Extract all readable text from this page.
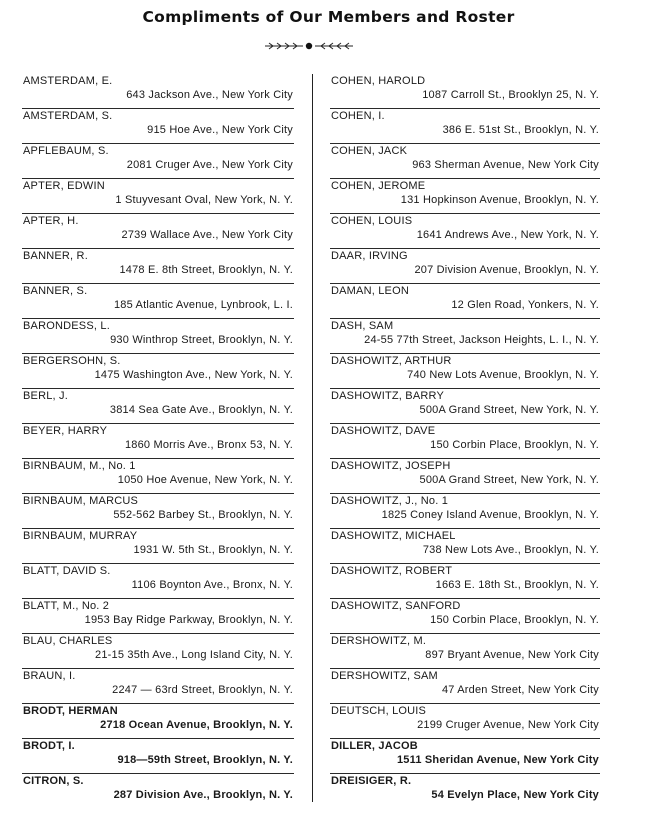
Compliments of Our Members and Roster
AMSTERDAM, E.
643 Jackson Ave., New York City
AMSTERDAM, S.
915 Hoe Ave., New York City
APFLEBAUM, S.
2081 Cruger Ave., New York City
APTER, EDWIN
1 Stuyvesant Oval, New York, N. Y.
APTER, H.
2739 Wallace Ave., New York City
BANNER, R.
1478 E. 8th Street, Brooklyn, N. Y.
BANNER, S.
185 Atlantic Avenue, Lynbrook, L. I.
BARONDESS, L.
930 Winthrop Street, Brooklyn, N. Y.
BERGERSOHN, S.
1475 Washington Ave., New York, N. Y.
BERL, J.
3814 Sea Gate Ave., Brooklyn, N. Y.
BEYER, HARRY
1860 Morris Ave., Bronx 53, N. Y.
BIRNBAUM, M., No. 1
1050 Hoe Avenue, New York, N. Y.
BIRNBAUM, MARCUS
552-562 Barbey St., Brooklyn, N. Y.
BIRNBAUM, MURRAY
1931 W. 5th St., Brooklyn, N. Y.
BLATT, DAVID S.
1106 Boynton Ave., Bronx, N. Y.
BLATT, M., No. 2
1953 Bay Ridge Parkway, Brooklyn, N. Y.
BLAU, CHARLES
21-15 35th Ave., Long Island City, N. Y.
BRAUN, I.
2247 — 63rd Street, Brooklyn, N. Y.
BRODT, HERMAN
2718 Ocean Avenue, Brooklyn, N. Y.
BRODT, I.
918—59th Street, Brooklyn, N. Y.
CITRON, S.
287 Division Ave., Brooklyn, N. Y.
COHEN, HAROLD
1087 Carroll St., Brooklyn 25, N. Y.
COHEN, I.
386 E. 51st St., Brooklyn, N. Y.
COHEN, JACK
963 Sherman Avenue, New York City
COHEN, JEROME
131 Hopkinson Avenue, Brooklyn, N. Y.
COHEN, LOUIS
1641 Andrews Ave., New York, N. Y.
DAAR, IRVING
207 Division Avenue, Brooklyn, N. Y.
DAMAN, LEON
12 Glen Road, Yonkers, N. Y.
DASH, SAM
24-55 77th Street, Jackson Heights, L. I., N. Y.
DASHOWITZ, ARTHUR
740 New Lots Avenue, Brooklyn, N. Y.
DASHOWITZ, BARRY
500A Grand Street, New York, N. Y.
DASHOWITZ, DAVE
150 Corbin Place, Brooklyn, N. Y.
DASHOWITZ, JOSEPH
500A Grand Street, New York, N. Y.
DASHOWITZ, J., No. 1
1825 Coney Island Avenue, Brooklyn, N. Y.
DASHOWITZ, MICHAEL
738 New Lots Ave., Brooklyn, N. Y.
DASHOWITZ, ROBERT
1663 E. 18th St., Brooklyn, N. Y.
DASHOWITZ, SANFORD
150 Corbin Place, Brooklyn, N. Y.
DERSHOWITZ, M.
897 Bryant Avenue, New York City
DERSHOWITZ, SAM
47 Arden Street, New York City
DEUTSCH, LOUIS
2199 Cruger Avenue, New York City
DILLER, JACOB
1511 Sheridan Avenue, New York City
DREISIGER, R.
54 Evelyn Place, New York City
